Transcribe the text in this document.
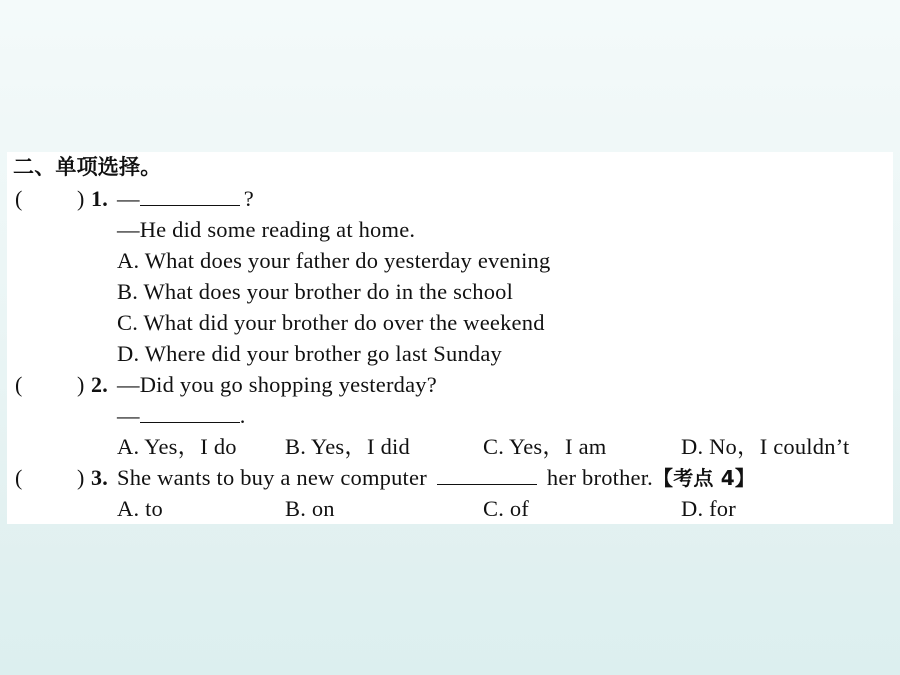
二、单项选择。
( ) 1. —	?
—He did some reading at home.
A. What does your father do yesterday evening
B. What does your brother do in the school
C. What did your brother do over the weekend
D. Where did your brother go last Sunday
( ) 2. —Did you go shopping yesterday?
—	.
A. Yes，I do B. Yes，I did	C. Yes，I am	D. No，I couldn’t
( ) 3. She wants to buy a new computer	her brother.【考点 4】
A. to	B. on	C. of	D. for
